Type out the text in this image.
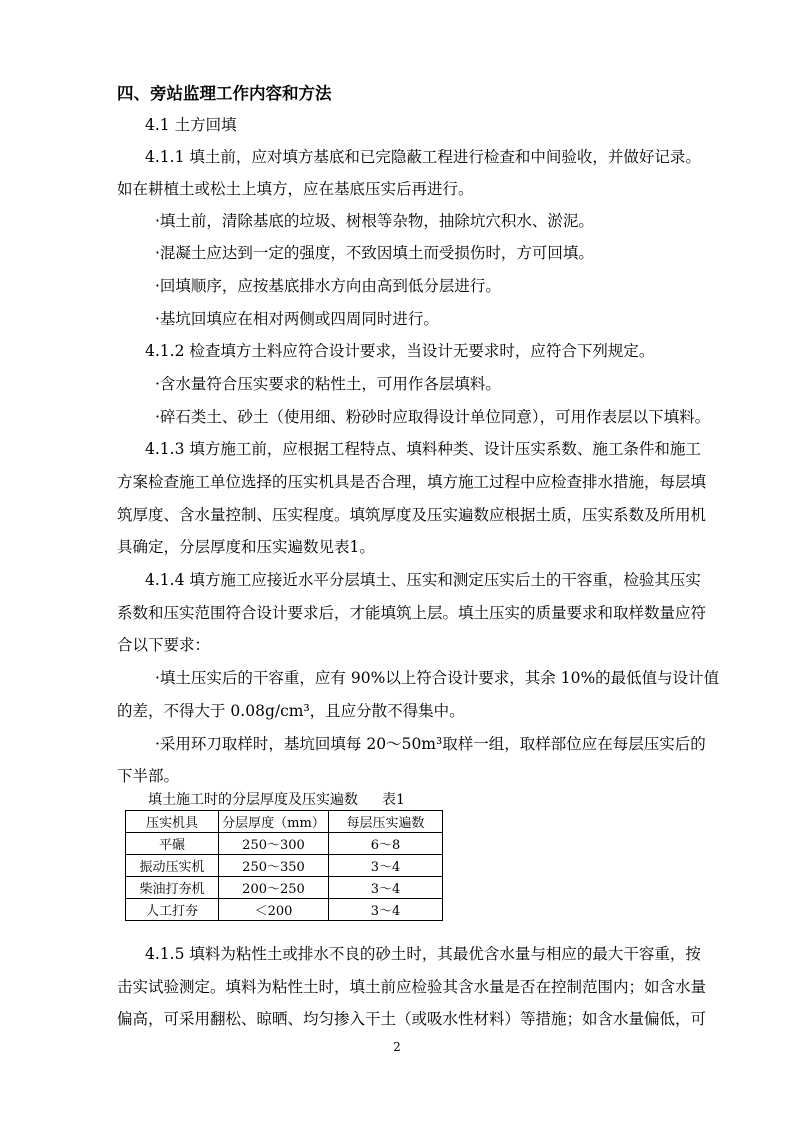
四、旁站监理工作内容和方法
4.1 土方回填
4.1.1 填土前，应对填方基底和已完隐蔽工程进行检查和中间验收，并做好记录。
如在耕植土或松土上填方，应在基底压实后再进行。
·填土前，清除基底的垃圾、树根等杂物，抽除坑穴积水、淤泥。
·混凝土应达到一定的强度，不致因填土而受损伤时，方可回填。
·回填顺序，应按基底排水方向由高到低分层进行。
·基坑回填应在相对两侧或四周同时进行。
4.1.2 检查填方土料应符合设计要求，当设计无要求时，应符合下列规定。
·含水量符合压实要求的粘性土，可用作各层填料。
·碎石类土、砂土（使用细、粉砂时应取得设计单位同意），可用作表层以下填料。
4.1.3 填方施工前，应根据工程特点、填料种类、设计压实系数、施工条件和施工
方案检查施工单位选择的压实机具是否合理，填方施工过程中应检查排水措施，每层填
筑厚度、含水量控制、压实程度。填筑厚度及压实遍数应根据土质，压实系数及所用机
具确定，分层厚度和压实遍数见表1。
4.1.4 填方施工应接近水平分层填土、压实和测定压实后土的干容重，检验其压实
系数和压实范围符合设计要求后，才能填筑上层。填土压实的质量要求和取样数量应符
合以下要求：
·填土压实后的干容重，应有 90%以上符合设计要求，其余 10%的最低值与设计值
的差，不得大于 0.08g/cm³，且应分散不得集中。
·采用环刀取样时，基坑回填每 20～50m³取样一组，取样部位应在每层压实后的
下半部。
填土施工时的分层厚度及压实遍数 表1
压实机具	分层厚度（mm）	每层压实遍数
平碾	250～300	6～8
振动压实机	250～350	3～4
柴油打夯机	200～250	3～4
人工打夯	＜200	3～4
4.1.5 填料为粘性土或排水不良的砂土时，其最优含水量与相应的最大干容重，按
击实试验测定。填料为粘性土时，填土前应检验其含水量是否在控制范围内；如含水量
偏高，可采用翻松、晾晒、均匀掺入干土（或吸水性材料）等措施；如含水量偏低，可
2
